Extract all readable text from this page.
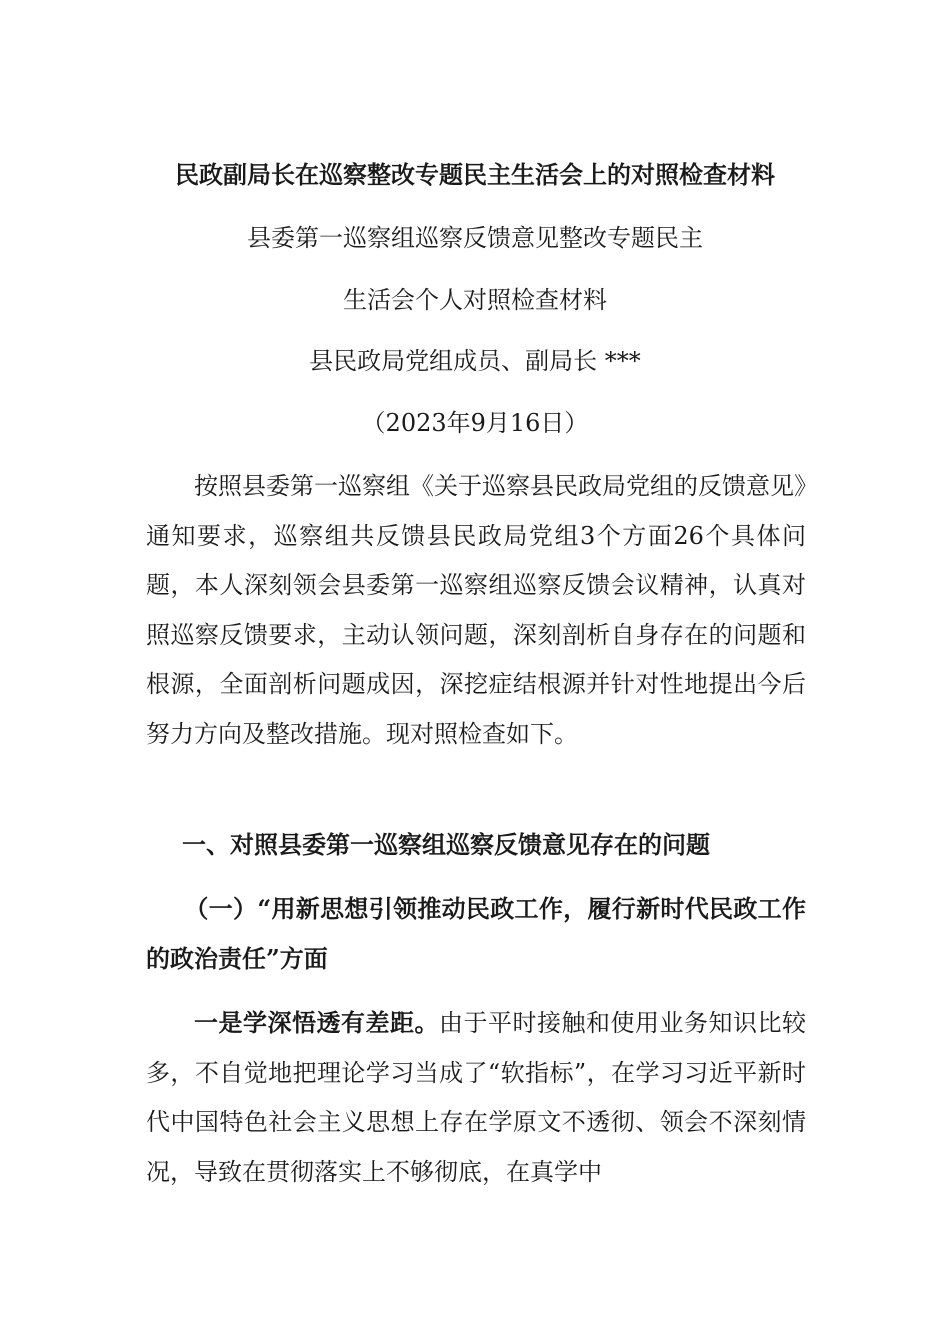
民政副局长在巡察整改专题民主生活会上的对照检查材料
县委第一巡察组巡察反馈意见整改专题民主
生活会个人对照检查材料
县民政局党组成员、副局长 ***
（2023年9月16日）

按照县委第一巡察组《关于巡察县民政局党组的反馈意见》通知要求，巡察组共反馈县民政局党组3个方面26个具体问题，本人深刻领会县委第一巡察组巡察反馈会议精神，认真对照巡察反馈要求，主动认领问题，深刻剖析自身存在的问题和根源，全面剖析问题成因，深挖症结根源并针对性地提出今后努力方向及整改措施。现对照检查如下。

一、对照县委第一巡察组巡察反馈意见存在的问题
（一）“用新思想引领推动民政工作，履行新时代民政工作的政治责任”方面

一是学深悟透有差距。由于平时接触和使用业务知识比较多，不自觉地把理论学习当成了“软指标”，在学习习近平新时代中国特色社会主义思想上存在学原文不透彻、领会不深刻情况，导致在贯彻落实上不够彻底，在真学中
